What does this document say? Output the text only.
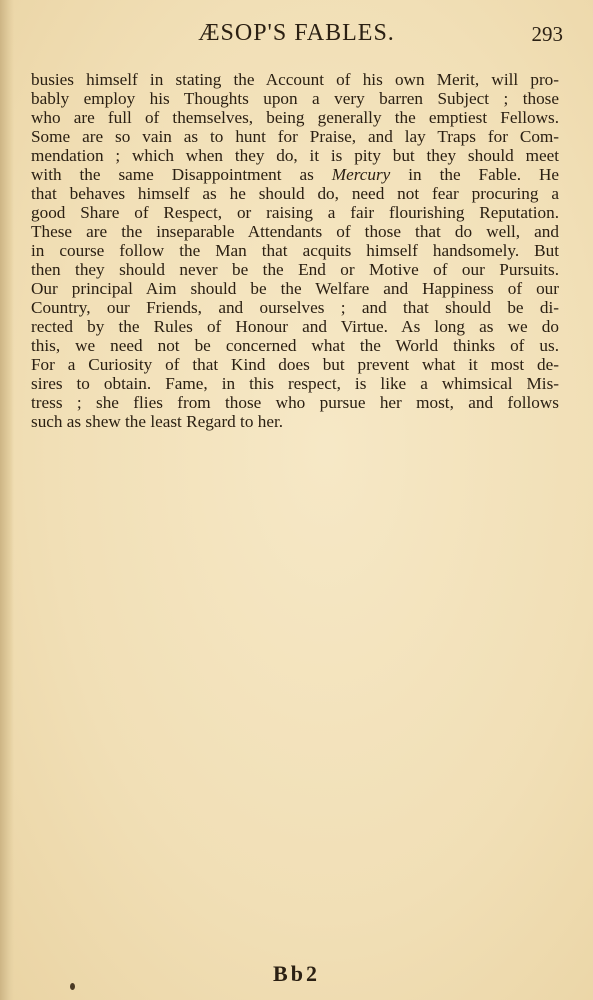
ÆSOP'S FABLES.	293
busies himself in stating the Account of his own Merit, will pro-
bably employ his Thoughts upon a very barren Subject ; those
who are full of themselves, being generally the emptiest Fellows.
Some are so vain as to hunt for Praise, and lay Traps for Com-
mendation ; which when they do, it is pity but they should meet
with the same Disappointment as Mercury in the Fable. He
that behaves himself as he should do, need not fear procuring a
good Share of Respect, or raising a fair flourishing Reputation.
These are the inseparable Attendants of those that do well, and
in course follow the Man that acquits himself handsomely. But
then they should never be the End or Motive of our Pursuits.
Our principal Aim should be the Welfare and Happiness of our
Country, our Friends, and ourselves ; and that should be di-
rected by the Rules of Honour and Virtue. As long as we do
this, we need not be concerned what the World thinks of us.
For a Curiosity of that Kind does but prevent what it most de-
sires to obtain. Fame, in this respect, is like a whimsical Mis-
tress ; she flies from those who pursue her most, and follows
such as shew the least Regard to her.
Bb2
